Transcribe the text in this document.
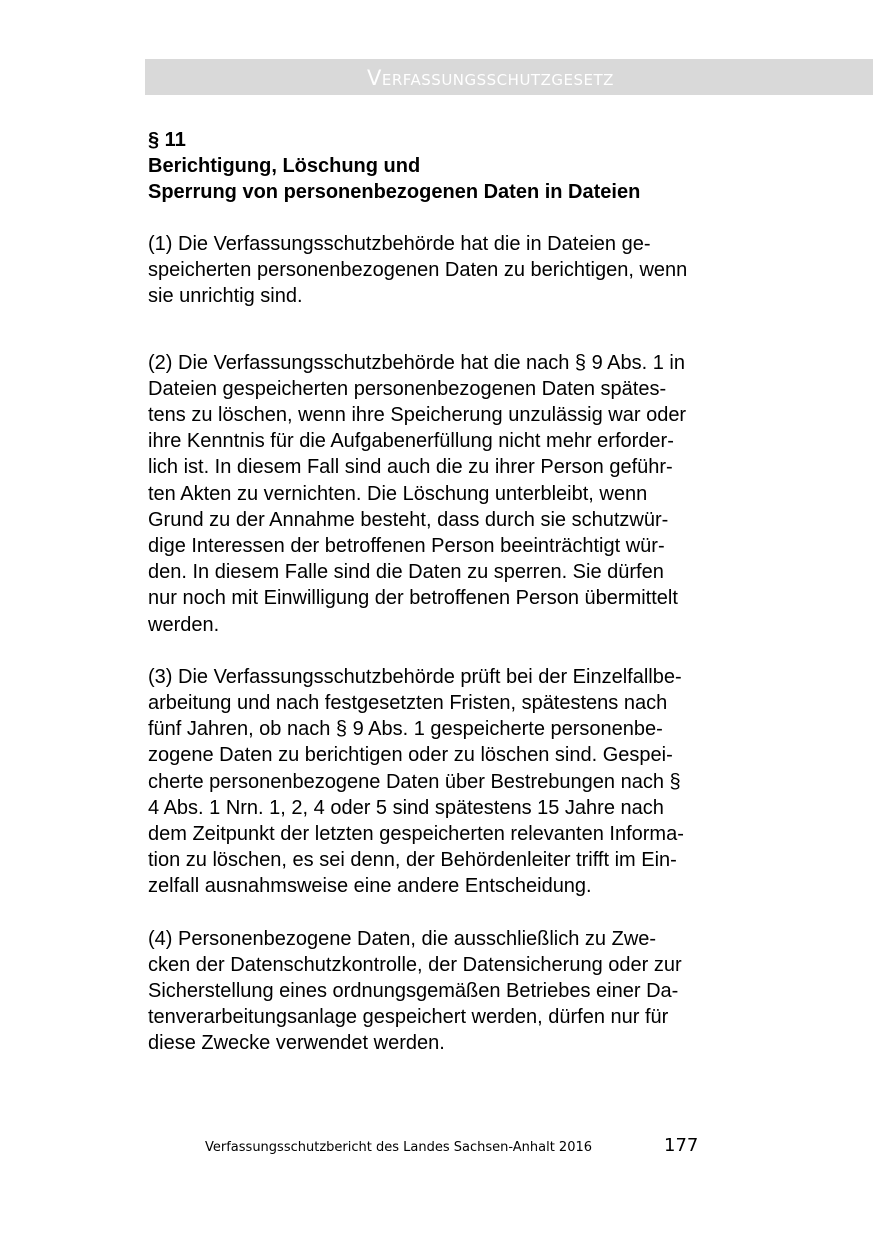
Verfassungsschutzgesetz
§ 11
Berichtigung, Löschung und
Sperrung von personenbezogenen Daten in Dateien

(1) Die Verfassungsschutzbehörde hat die in Dateien ge-
speicherten personenbezogenen Daten zu berichtigen, wenn
sie unrichtig sind.

(2) Die Verfassungsschutzbehörde hat die nach § 9 Abs. 1 in
Dateien gespeicherten personenbezogenen Daten spätes-
tens zu löschen, wenn ihre Speicherung unzulässig war oder
ihre Kenntnis für die Aufgabenerfüllung nicht mehr erforder-
lich ist. In diesem Fall sind auch die zu ihrer Person geführ-
ten Akten zu vernichten. Die Löschung unterbleibt, wenn
Grund zu der Annahme besteht, dass durch sie schutzwür-
dige Interessen der betroffenen Person beeinträchtigt wür-
den. In diesem Falle sind die Daten zu sperren. Sie dürfen
nur noch mit Einwilligung der betroffenen Person übermittelt
werden.

(3) Die Verfassungsschutzbehörde prüft bei der Einzelfallbe-
arbeitung und nach festgesetzten Fristen, spätestens nach
fünf Jahren, ob nach § 9 Abs. 1 gespeicherte personenbe-
zogene Daten zu berichtigen oder zu löschen sind. Gespei-
cherte personenbezogene Daten über Bestrebungen nach §
4 Abs. 1 Nrn. 1, 2, 4 oder 5 sind spätestens 15 Jahre nach
dem Zeitpunkt der letzten gespeicherten relevanten Informa-
tion zu löschen, es sei denn, der Behördenleiter trifft im Ein-
zelfall ausnahmsweise eine andere Entscheidung.

(4) Personenbezogene Daten, die ausschließlich zu Zwe-
cken der Datenschutzkontrolle, der Datensicherung oder zur
Sicherstellung eines ordnungsgemäßen Betriebes einer Da-
tenverarbeitungsanlage gespeichert werden, dürfen nur für
diese Zwecke verwendet werden.

Verfassungsschutzbericht des Landes Sachsen-Anhalt 2016	177
